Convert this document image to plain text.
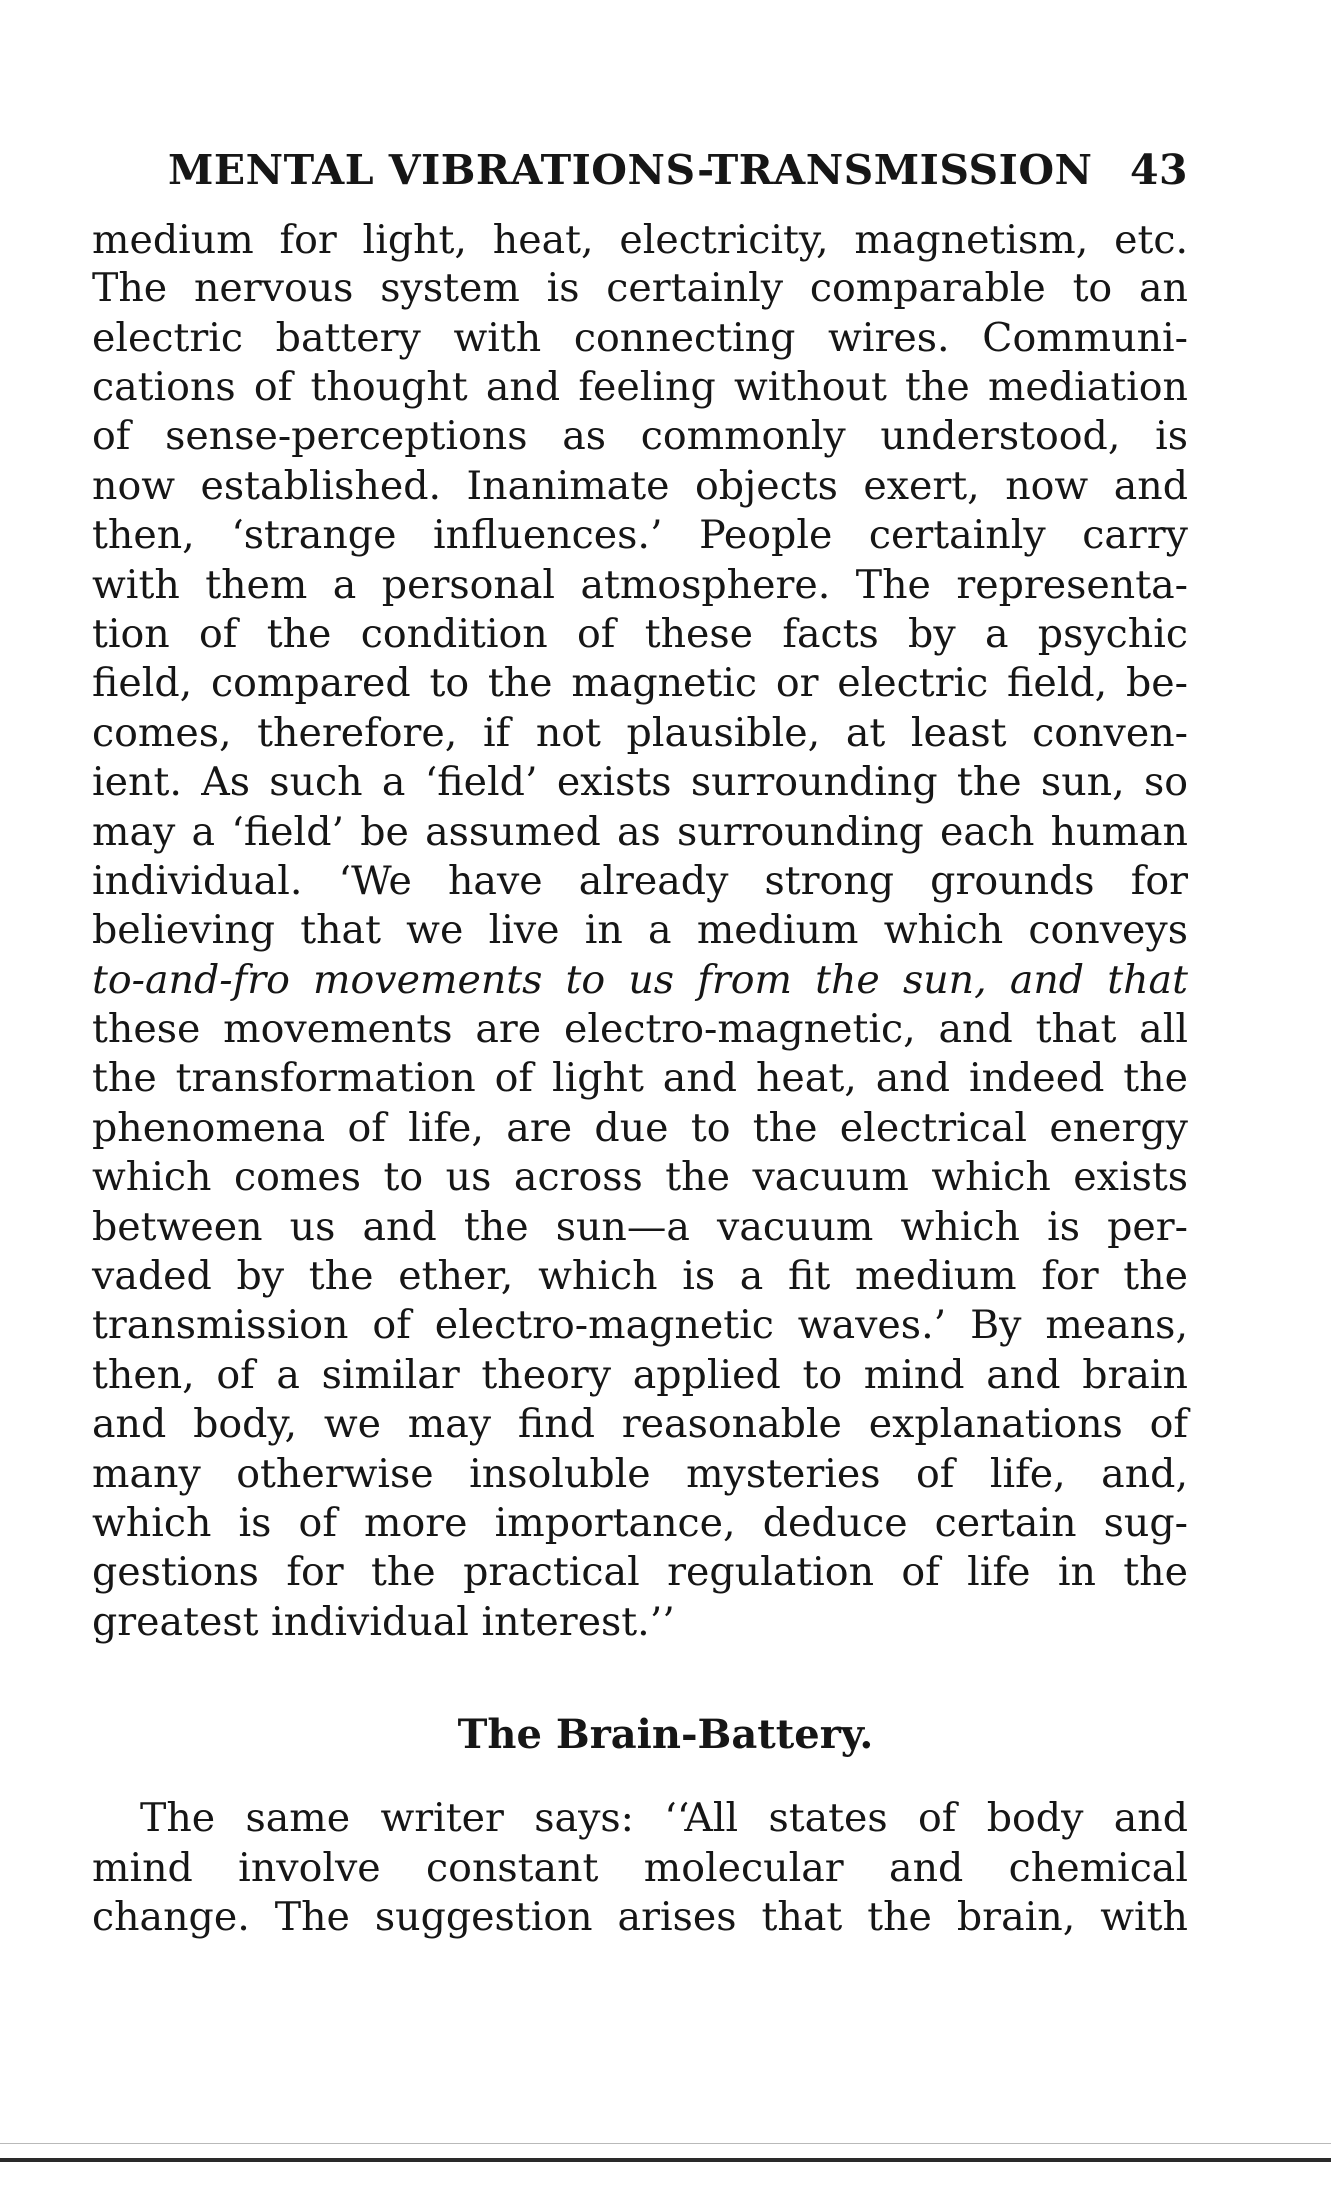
MENTAL VIBRATIONS-TRANSMISSION 43
medium for light, heat, electricity, magnetism, etc.
The nervous system is certainly comparable to an
electric battery with connecting wires. Communi-
cations of thought and feeling without the mediation
of sense-perceptions as commonly understood, is
now established. Inanimate objects exert, now and
then, ‘strange influences.’ People certainly carry
with them a personal atmosphere. The representa-
tion of the condition of these facts by a psychic
field, compared to the magnetic or electric field, be-
comes, therefore, if not plausible, at least conven-
ient. As such a ‘field’ exists surrounding the sun, so
may a ‘field’ be assumed as surrounding each human
individual. ‘We have already strong grounds for
believing that we live in a medium which conveys
to-and-fro movements to us from the sun, and that
these movements are electro-magnetic, and that all
the transformation of light and heat, and indeed the
phenomena of life, are due to the electrical energy
which comes to us across the vacuum which exists
between us and the sun—a vacuum which is per-
vaded by the ether, which is a fit medium for the
transmission of electro-magnetic waves.’ By means,
then, of a similar theory applied to mind and brain
and body, we may find reasonable explanations of
many otherwise insoluble mysteries of life, and,
which is of more importance, deduce certain sug-
gestions for the practical regulation of life in the
greatest individual interest.’’
The Brain-Battery.
The same writer says: ‘‘All states of body and
mind involve constant molecular and chemical
change. The suggestion arises that the brain, with
